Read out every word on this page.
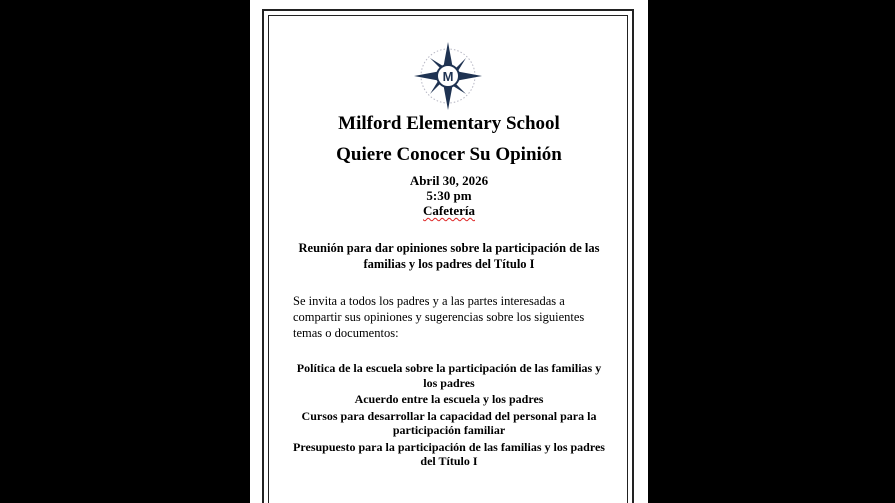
M
Milford Elementary School
Quiere Conocer Su Opinión
Abril 30, 2026
5:30 pm
Cafetería
Reunión para dar opiniones sobre la participación de las familias y los padres del Título I
Se invita a todos los padres y a las partes interesadas a compartir sus opiniones y sugerencias sobre los siguientes temas o documentos:
Política de la escuela sobre la participación de las familias y los padres
Acuerdo entre la escuela y los padres
Cursos para desarrollar la capacidad del personal para la participación familiar
Presupuesto para la participación de las familias y los padres del Título I
